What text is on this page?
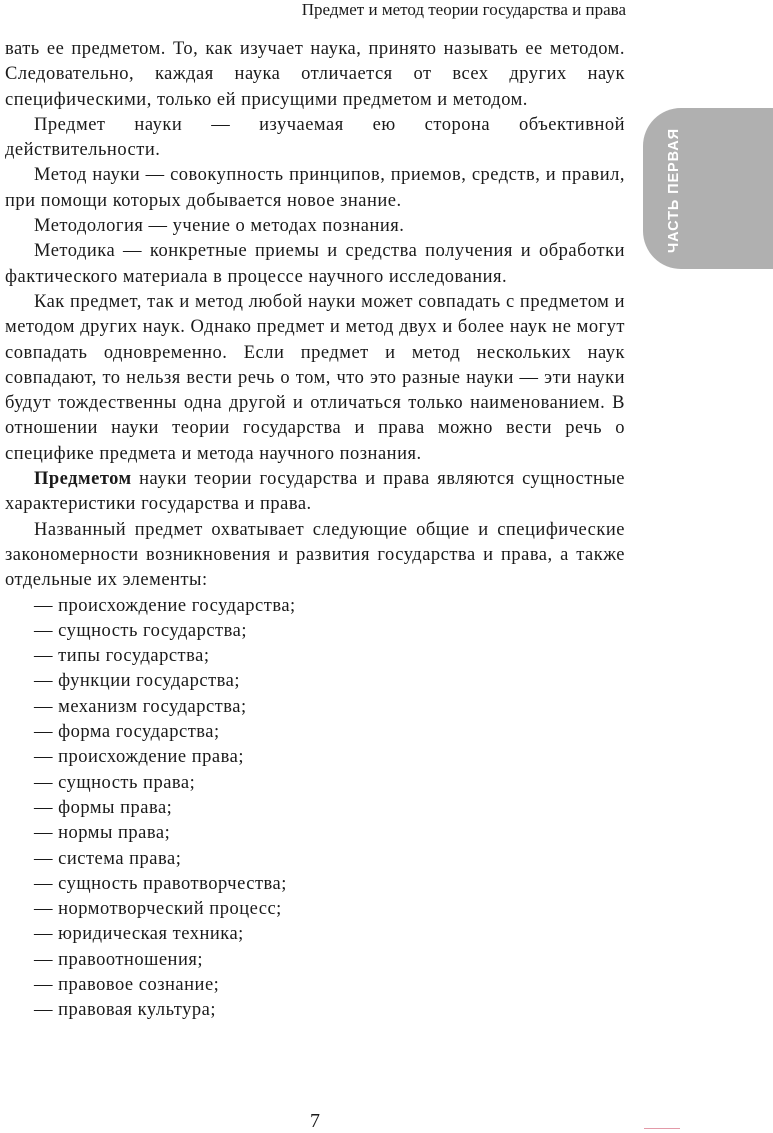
Предмет и метод теории государства и права
ЧАСТЬ ПЕРВАЯ

вать ее предметом. То, как изучает наука, принято называть ее методом. Следовательно, каждая наука отличается от всех других наук специфическими, только ей присущими предметом и методом.

Предмет науки — изучаемая ею сторона объективной действительности.

Метод науки — совокупность принципов, приемов, средств, и правил, при помощи которых добывается новое знание.

Методология — учение о методах познания.

Методика — конкретные приемы и средства получения и обработки фактического материала в процессе научного исследования.

Как предмет, так и метод любой науки может совпадать с предметом и методом других наук. Однако предмет и метод двух и более наук не могут совпадать одновременно. Если предмет и метод нескольких наук совпадают, то нельзя вести речь о том, что это разные науки — эти науки будут тождественны одна другой и отличаться только наименованием. В отношении науки теории государства и права можно вести речь о специфике предмета и метода научного познания.

Предметом науки теории государства и права являются сущностные характеристики государства и права.

Названный предмет охватывает следующие общие и специфические закономерности возникновения и развития государства и права, а также отдельные их элементы:

— происхождение государства;
— сущность государства;
— типы государства;
— функции государства;
— механизм государства;
— форма государства;
— происхождение права;
— сущность права;
— формы права;
— нормы права;
— система права;
— сущность правотворчества;
— нормотворческий процесс;
— юридическая техника;
— правоотношения;
— правовое сознание;
— правовая культура;
7
